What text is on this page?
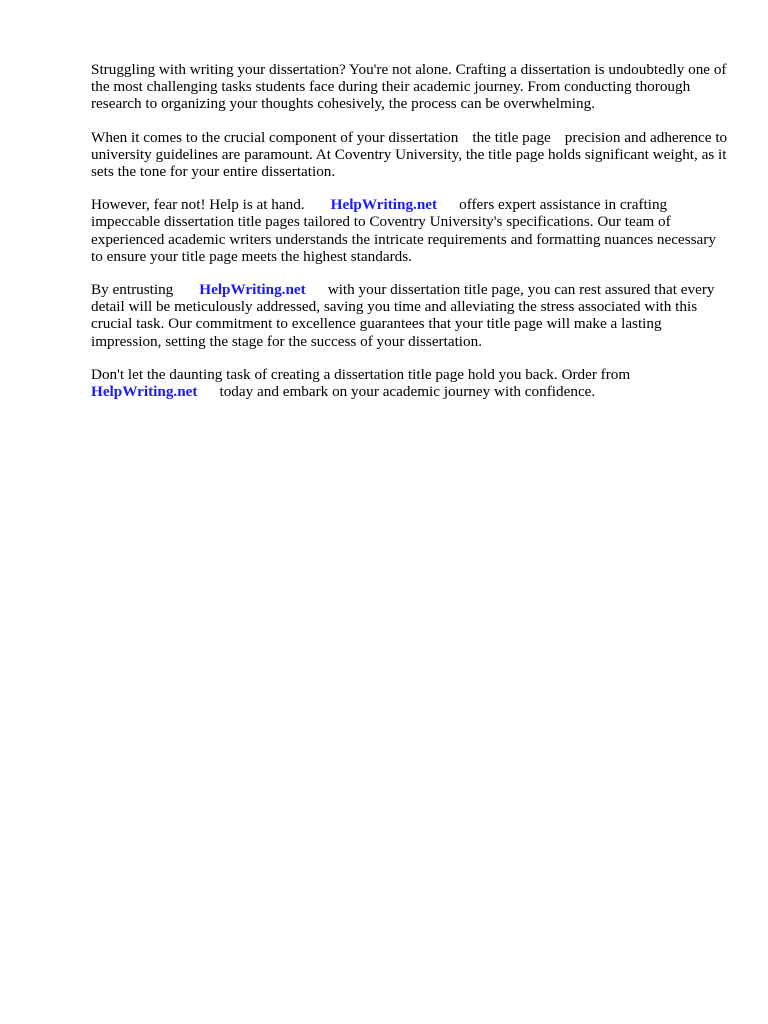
Struggling with writing your dissertation? You're not alone. Crafting a dissertation is undoubtedly one of the most challenging tasks students face during their academic journey. From conducting thorough research to organizing your thoughts cohesively, the process can be overwhelming.

When it comes to the crucial component of your dissertation the title page precision and adherence to university guidelines are paramount. At Coventry University, the title page holds significant weight, as it sets the tone for your entire dissertation.

However, fear not! Help is at hand. HelpWriting.net offers expert assistance in crafting impeccable dissertation title pages tailored to Coventry University's specifications. Our team of experienced academic writers understands the intricate requirements and formatting nuances necessary to ensure your title page meets the highest standards.

By entrusting HelpWriting.net with your dissertation title page, you can rest assured that every detail will be meticulously addressed, saving you time and alleviating the stress associated with this crucial task. Our commitment to excellence guarantees that your title page will make a lasting impression, setting the stage for the success of your dissertation.

Don't let the daunting task of creating a dissertation title page hold you back. Order from HelpWriting.net today and embark on your academic journey with confidence.
